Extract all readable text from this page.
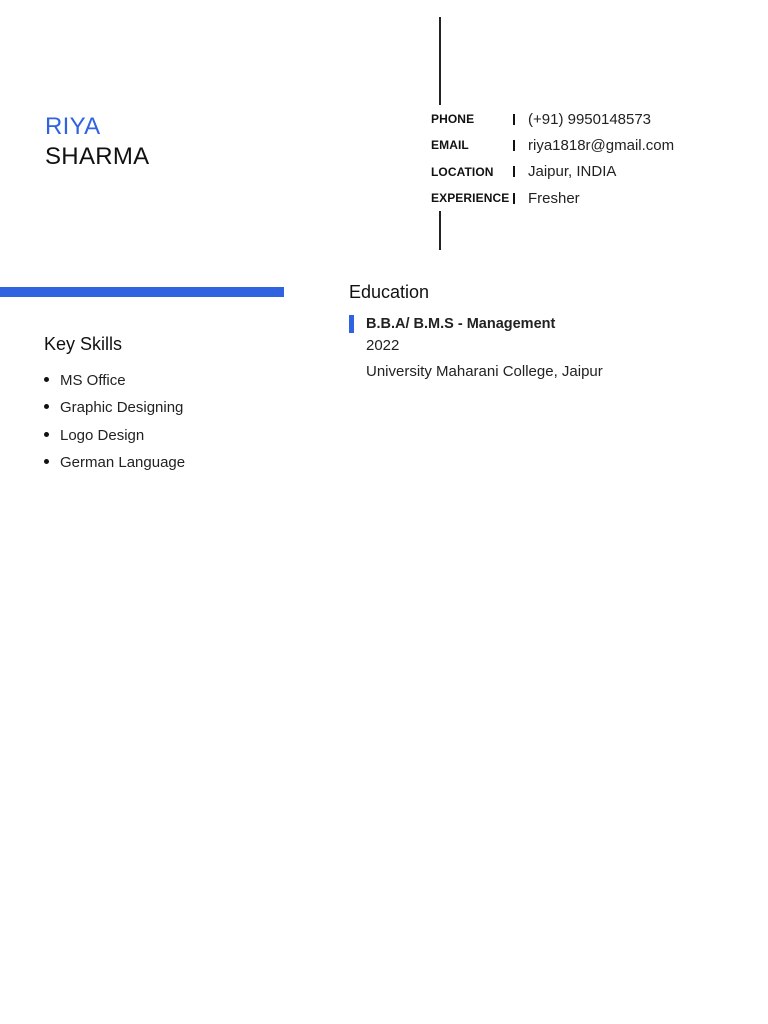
RIYA
SHARMA
PHONE	(+91) 9950148573
EMAIL	riya1818r@gmail.com
LOCATION	Jaipur, INDIA
EXPERIENCE Fresher
Key Skills
MS Office
Graphic Designing
Logo Design
German Language
Education
B.B.A/ B.M.S - Management
2022
University Maharani College, Jaipur
